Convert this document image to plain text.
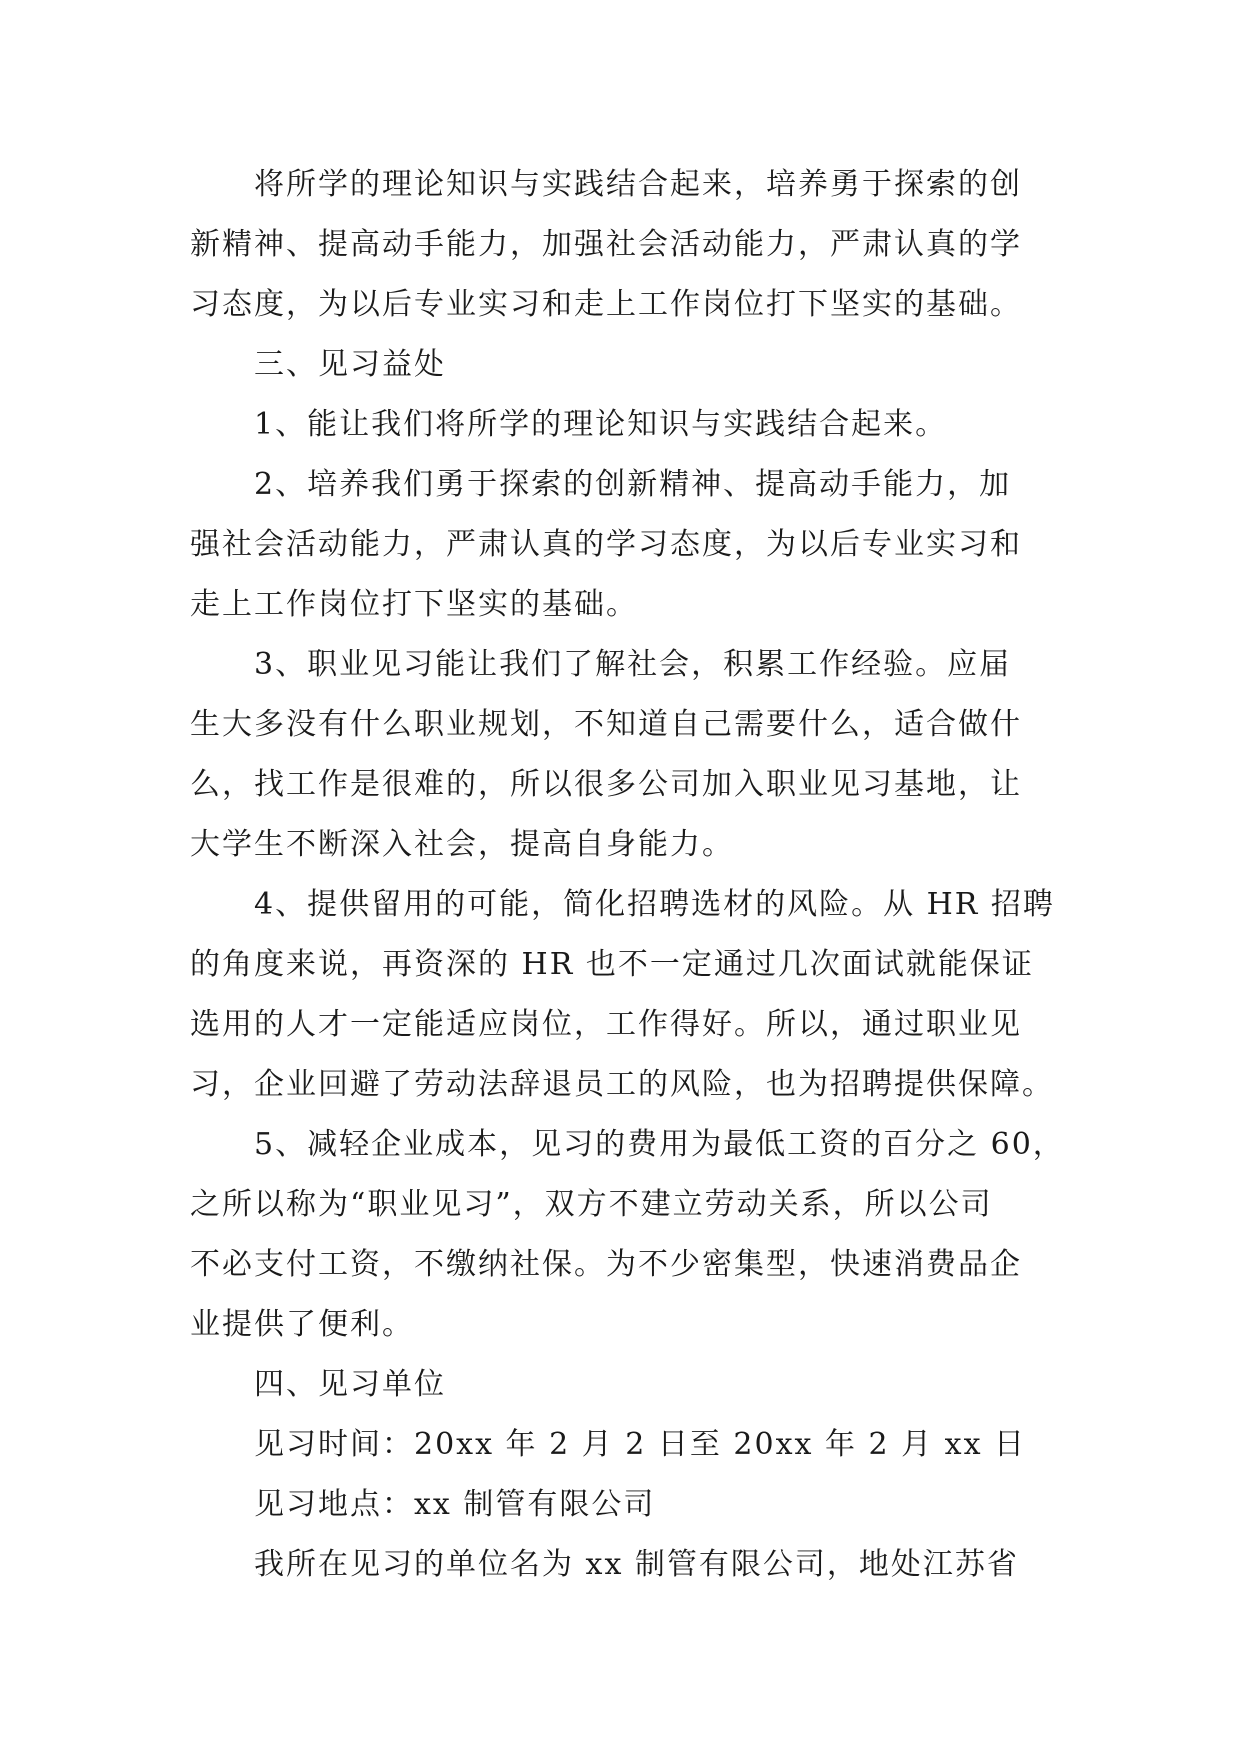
将所学的理论知识与实践结合起来，培养勇于探索的创
新精神、提高动手能力，加强社会活动能力，严肃认真的学
习态度，为以后专业实习和走上工作岗位打下坚实的基础。
三、见习益处
1、能让我们将所学的理论知识与实践结合起来。
2、培养我们勇于探索的创新精神、提高动手能力，加
强社会活动能力，严肃认真的学习态度，为以后专业实习和
走上工作岗位打下坚实的基础。
3、职业见习能让我们了解社会，积累工作经验。应届
生大多没有什么职业规划，不知道自己需要什么，适合做什
么，找工作是很难的，所以很多公司加入职业见习基地，让
大学生不断深入社会，提高自身能力。
4、提供留用的可能，简化招聘选材的风险。从 HR 招聘
的角度来说，再资深的 HR 也不一定通过几次面试就能保证
选用的人才一定能适应岗位，工作得好。所以，通过职业见
习，企业回避了劳动法辞退员工的风险，也为招聘提供保障。
5、减轻企业成本，见习的费用为最低工资的百分之 60，
之所以称为“职业见习”，双方不建立劳动关系，所以公司
不必支付工资，不缴纳社保。为不少密集型，快速消费品企
业提供了便利。
四、见习单位
见习时间：20xx 年 2 月 2 日至 20xx 年 2 月 xx 日
见习地点：xx 制管有限公司
我所在见习的单位名为 xx 制管有限公司，地处江苏省
